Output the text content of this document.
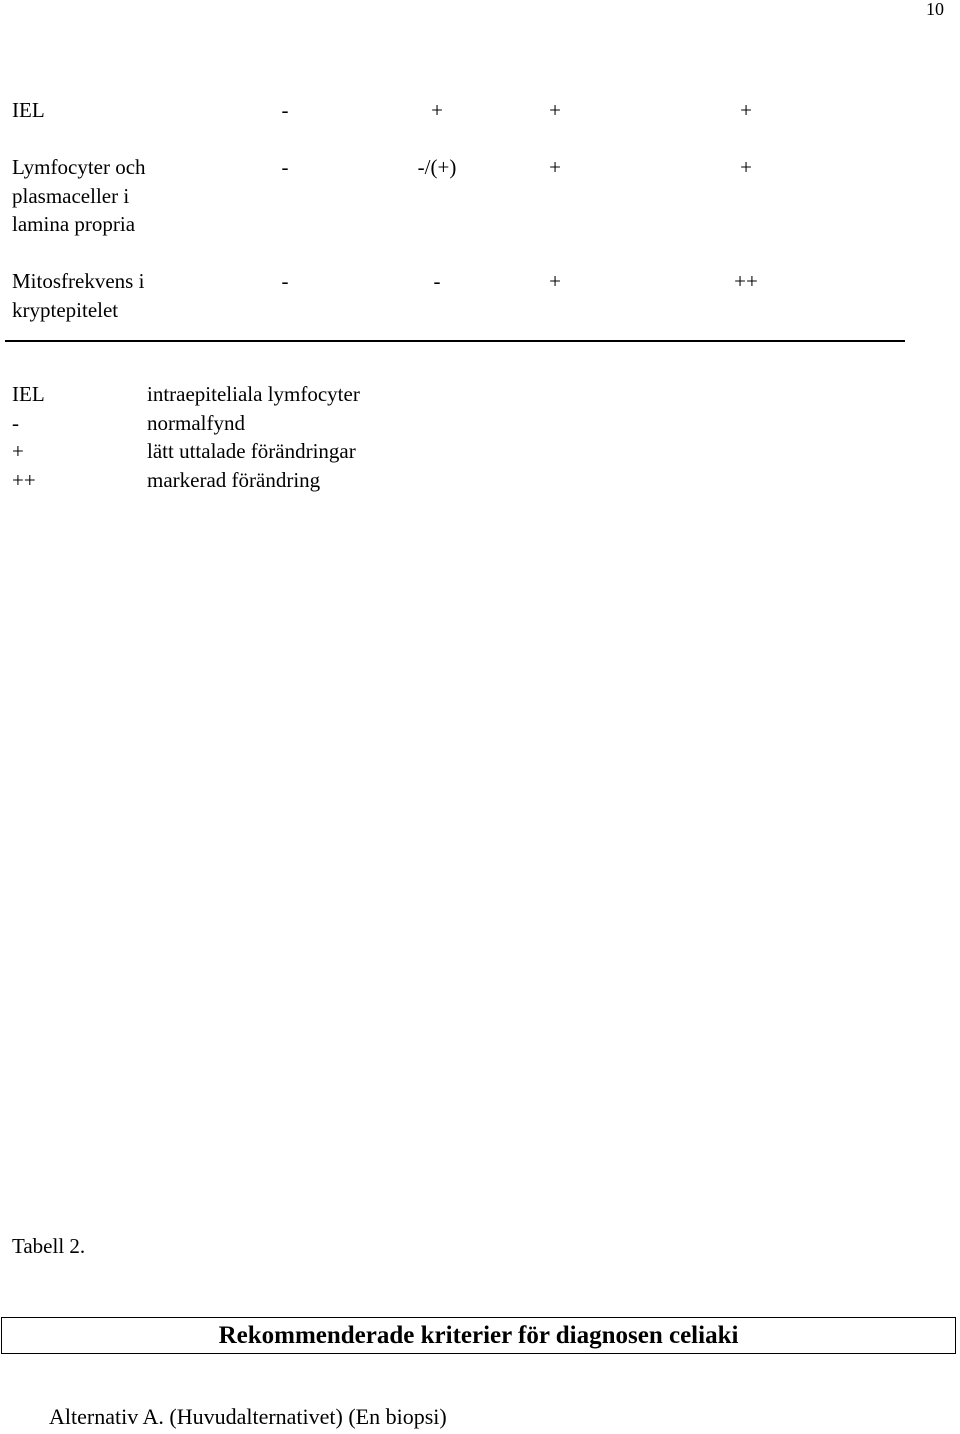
10
IEL	-	+	+	+
Lymfocyter och
plasmaceller i
lamina propria
-	-/(+)	+	+
Mitosfrekvens i
kryptepitelet
-	-	+	++
IEL	intraepiteliala lymfocyter
-	normalfynd
+	lätt uttalade förändringar
++	markerad förändring
Tabell 2.
Rekommenderade kriterier för diagnosen celiaki
Alternativ A. (Huvudalternativet) (En biopsi)
